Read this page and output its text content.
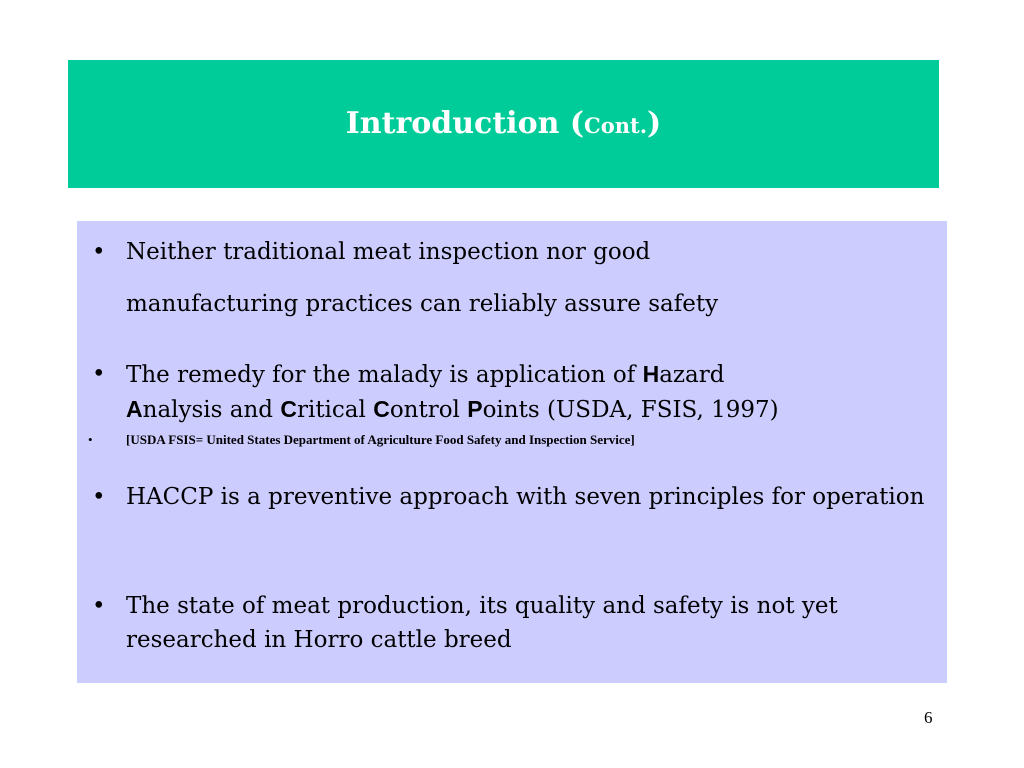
Introduction (Cont.)
• Neither traditional meat inspection nor good
manufacturing practices can reliably assure safety
• The remedy for the malady is application of Hazard
Analysis and Critical Control Points (USDA, FSIS, 1997)
•	[USDA FSIS= United States Department of Agriculture Food Safety and Inspection Service]
• HACCP is a preventive approach with seven principles for operation
• The state of meat production, its quality and safety is not yet researched in Horro cattle breed
6
